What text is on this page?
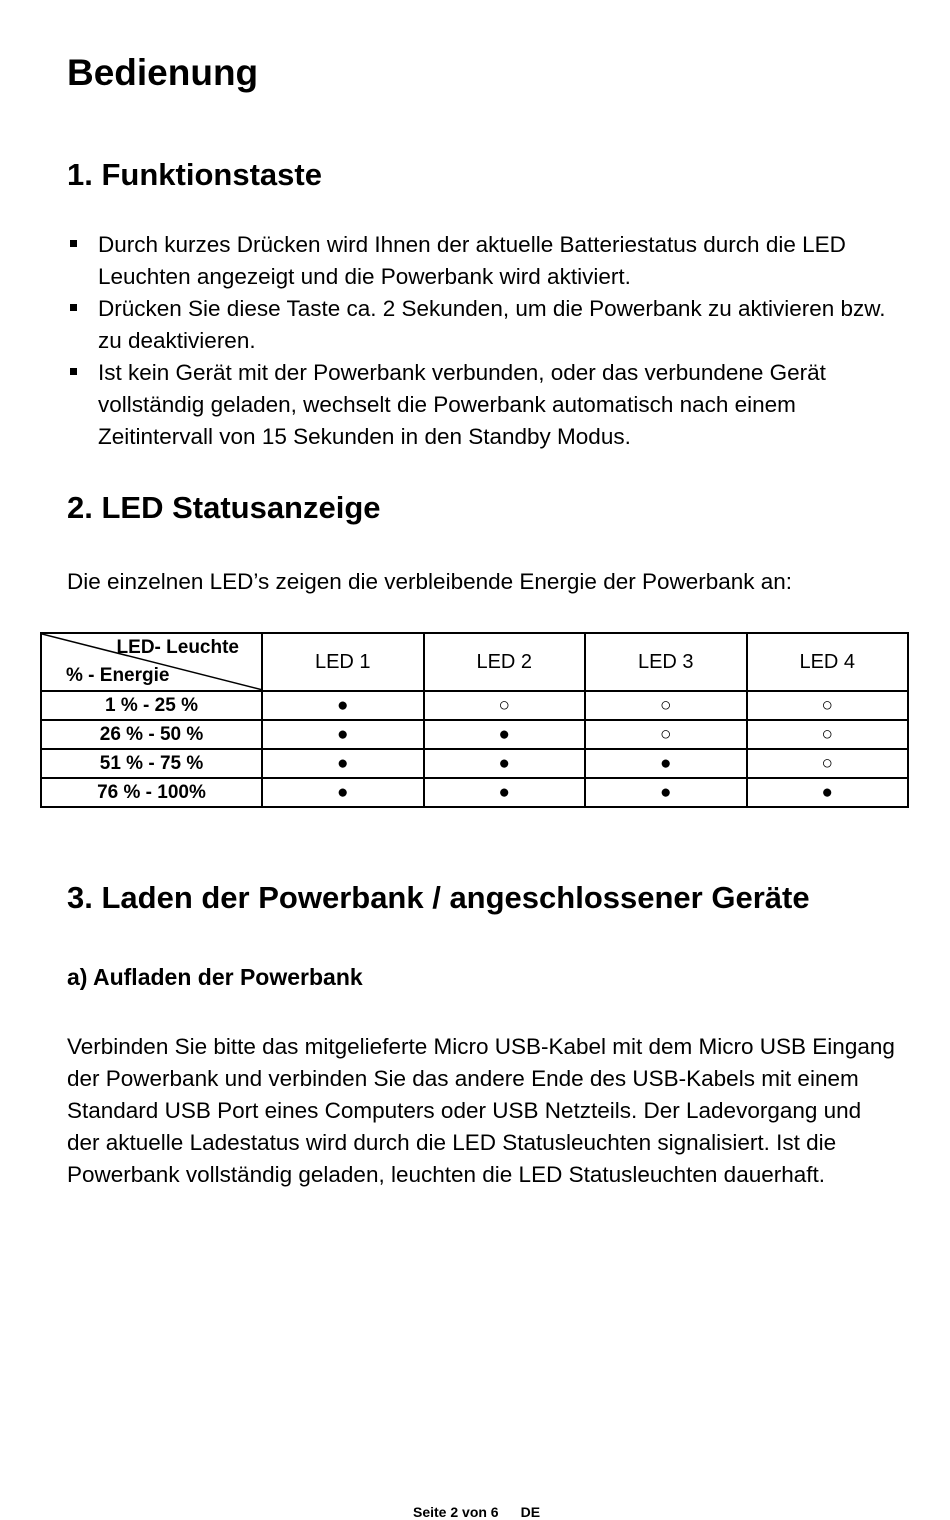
Bedienung
1. Funktionstaste
Durch kurzes Drücken wird Ihnen der aktuelle Batteriestatus durch die LED Leuchten angezeigt und die Powerbank wird aktiviert.
Drücken Sie diese Taste ca. 2 Sekunden, um die Powerbank zu aktivieren bzw. zu deaktivieren.
Ist kein Gerät mit der Powerbank verbunden, oder das verbundene Gerät vollständig geladen, wechselt die Powerbank automatisch nach einem Zeitintervall von 15 Sekunden in den Standby Modus.
2. LED Statusanzeige

Die einzelnen LED’s zeigen die verbleibende Energie der Powerbank an:

LED- Leuchte
% - Energie	LED 1	LED 2	LED 3	LED 4
1 % - 25 %	●	○	○	○
26 % - 50 %	●	●	○	○
51 % - 75 %	●	●	●	○
76 % - 100%	●	●	●	●
3. Laden der Powerbank / angeschlossener Geräte
a) Aufladen der Powerbank

Verbinden Sie bitte das mitgelieferte Micro USB-Kabel mit dem Micro USB Eingang der Powerbank und verbinden Sie das andere Ende des USB-Kabels mit einem Standard USB Port eines Computers oder USB Netzteils. Der Ladevorgang und der aktuelle Ladestatus wird durch die LED Statusleuchten signalisiert. Ist die Powerbank vollständig geladen, leuchten die LED Statusleuchten dauerhaft.

Seite 2 von 6 DE
